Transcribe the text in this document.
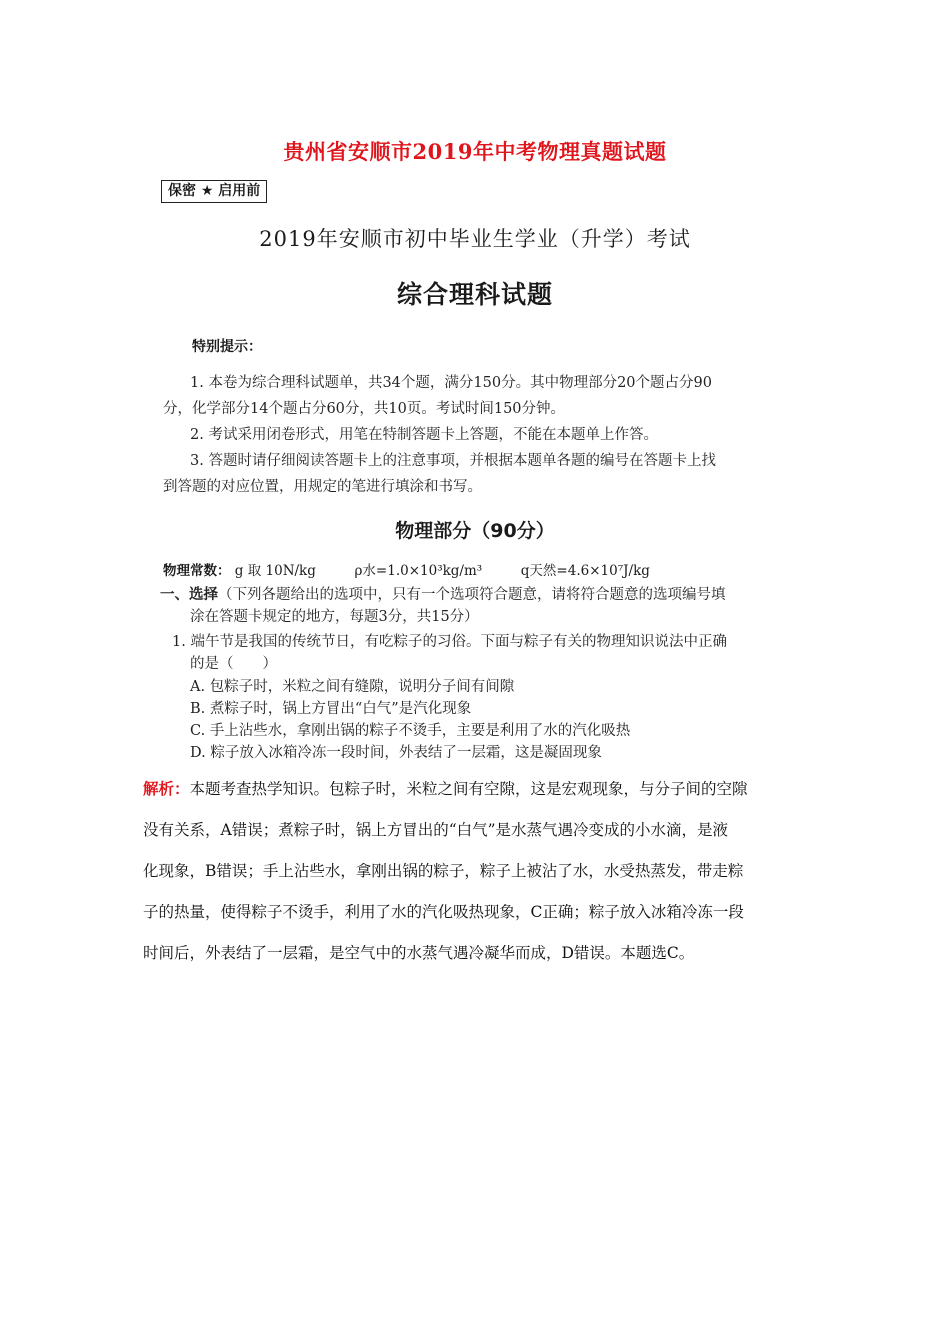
贵州省安顺市2019年中考物理真题试题
保密 ★ 启用前
2019年安顺市初中毕业生学业（升学）考试
综合理科试题
特别提示：
1. 本卷为综合理科试题单，共34个题，满分150分。其中物理部分20个题占分90
分，化学部分14个题占分60分，共10页。考试时间150分钟。
2. 考试采用闭卷形式，用笔在特制答题卡上答题，不能在本题单上作答。
3. 答题时请仔细阅读答题卡上的注意事项，并根据本题单各题的编号在答题卡上找
到答题的对应位置，用规定的笔进行填涂和书写。
物理部分（90分）
物理常数： g 取 10N/kg	ρ水=1.0×10³kg/m³	q天然=4.6×10⁷J/kg
一、选择（下列各题给出的选项中，只有一个选项符合题意，请将符合题意的选项编号填
涂在答题卡规定的地方，每题3分，共15分）
1. 端午节是我国的传统节日，有吃粽子的习俗。下面与粽子有关的物理知识说法中正确
的是（　　）
A. 包粽子时，米粒之间有缝隙，说明分子间有间隙
B. 煮粽子时，锅上方冒出“白气”是汽化现象
C. 手上沾些水，拿刚出锅的粽子不烫手，主要是利用了水的汽化吸热
D. 粽子放入冰箱冷冻一段时间，外表结了一层霜，这是凝固现象
解析：本题考查热学知识。包粽子时，米粒之间有空隙，这是宏观现象，与分子间的空隙
没有关系，A错误；煮粽子时，锅上方冒出的“白气”是水蒸气遇冷变成的小水滴，是液
化现象，B错误；手上沾些水，拿刚出锅的粽子，粽子上被沾了水，水受热蒸发，带走粽
子的热量，使得粽子不烫手，利用了水的汽化吸热现象，C正确；粽子放入冰箱冷冻一段
时间后，外表结了一层霜，是空气中的水蒸气遇冷凝华而成，D错误。本题选C。
